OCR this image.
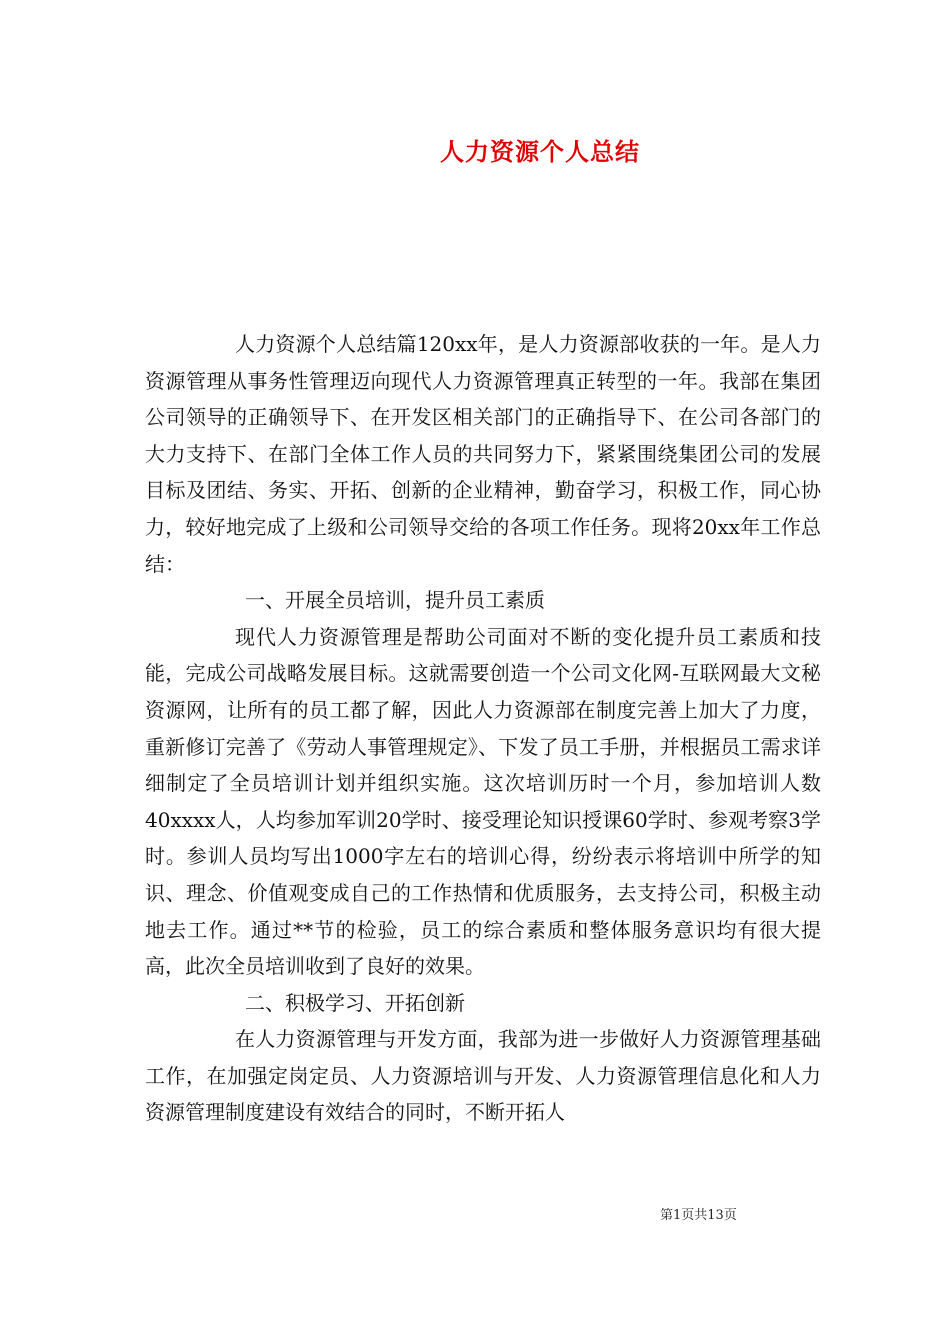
人力资源个人总结

人力资源个人总结篇120xx年，是人力资源部收获的一年。是人力资源管理从事务性管理迈向现代人力资源管理真正转型的一年。我部在集团公司领导的正确领导下、在开发区相关部门的正确指导下、在公司各部门的大力支持下、在部门全体工作人员的共同努力下，紧紧围绕集团公司的发展目标及团结、务实、开拓、创新的企业精神，勤奋学习，积极工作，同心协力，较好地完成了上级和公司领导交给的各项工作任务。现将20xx年工作总结：

一、开展全员培训，提升员工素质

现代人力资源管理是帮助公司面对不断的变化提升员工素质和技能，完成公司战略发展目标。这就需要创造一个公司文化网-互联网最大文秘资源网，让所有的员工都了解，因此人力资源部在制度完善上加大了力度，重新修订完善了《劳动人事管理规定》、下发了员工手册，并根据员工需求详细制定了全员培训计划并组织实施。这次培训历时一个月，参加培训人数40xxxx人，人均参加军训20学时、接受理论知识授课60学时、参观考察3学时。参训人员均写出1000字左右的培训心得，纷纷表示将培训中所学的知识、理念、价值观变成自己的工作热情和优质服务，去支持公司，积极主动地去工作。通过**节的检验，员工的综合素质和整体服务意识均有很大提高，此次全员培训收到了良好的效果。

二、积极学习、开拓创新

在人力资源管理与开发方面，我部为进一步做好人力资源管理基础工作，在加强定岗定员、人力资源培训与开发、人力资源管理信息化和人力资源管理制度建设有效结合的同时，不断开拓人

第1页共13页
